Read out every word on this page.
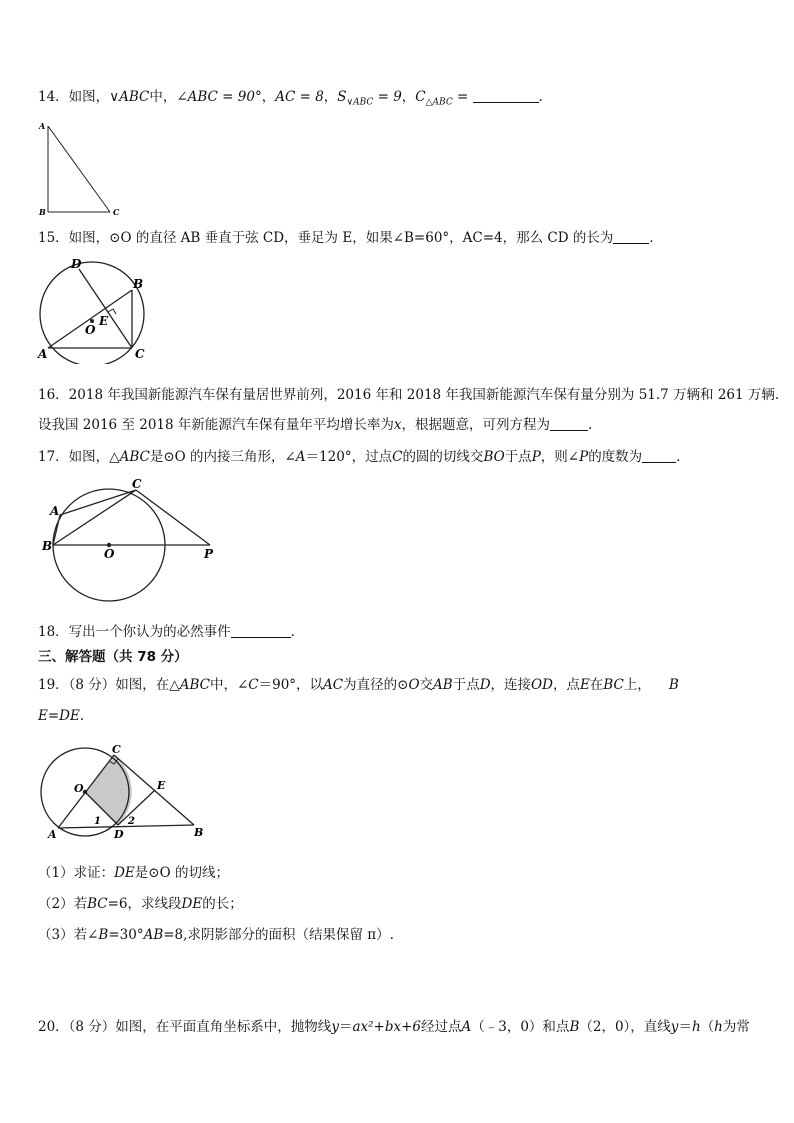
14．如图，∨ABC中，∠ABC = 90°，AC = 8，$S_{\vee ABC} = 9$，$C_{\triangle ABC}$ =	．
A
B	C
15．如图，⊙O 的直径 AB 垂直于弦 CD，垂足为 E，如果∠B=60°，AC=4，那么 CD 的长为	．
D
B
E
O
A	C
16．2018 年我国新能源汽车保有量居世界前列，2016 年和 2018 年我国新能源汽车保有量分别为 51.7 万辆和 261 万辆.
设我国 2016 至 2018 年新能源汽车保有量年平均增长率为x，根据题意，可列方程为	.
17．如图，△ABC是⊙O 的内接三角形，∠A＝120°，过点C的圆的切线交BO于点P，则∠P的度数为	．
C
A
B
O	P
18．写出一个你认为的必然事件	．
三、解答题（共 78 分）
19．（8 分）如图，在△ABC中，∠C＝90°，以AC为直径的⊙O交AB于点D，连接OD，点E在BC上， B
E=DE.
C
E
O
1	2
A	D	B
（1）求证：DE是⊙O 的切线；
（2）若BC=6，求线段DE的长；
（3）若∠B=30°AB=8,求阴影部分的面积（结果保留 π）.
20．（8 分）如图，在平面直角坐标系中，抛物线y＝ax²+bx+6经过点A（﹣3，0）和点B（2，0），直线y＝h（h为常
